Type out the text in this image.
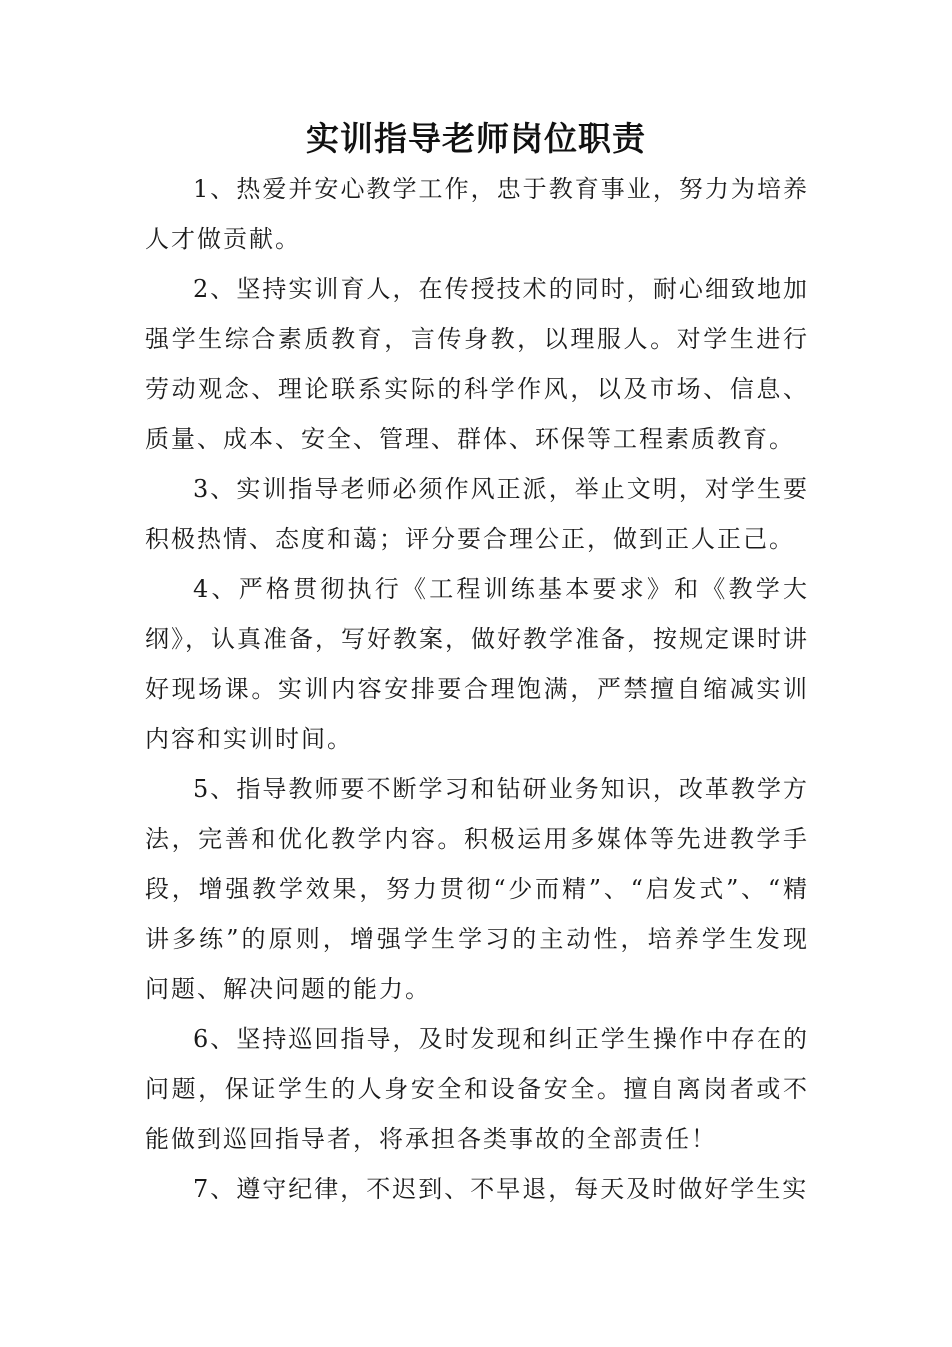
实训指导老师岗位职责

1、热爱并安心教学工作，忠于教育事业，努力为培养人才做贡献。

2、坚持实训育人，在传授技术的同时，耐心细致地加强学生综合素质教育，言传身教，以理服人。对学生进行劳动观念、理论联系实际的科学作风，以及市场、信息、质量、成本、安全、管理、群体、环保等工程素质教育。

3、实训指导老师必须作风正派，举止文明，对学生要积极热情、态度和蔼；评分要合理公正，做到正人正己。

4、严格贯彻执行《工程训练基本要求》和《教学大纲》，认真准备，写好教案，做好教学准备，按规定课时讲好现场课。实训内容安排要合理饱满，严禁擅自缩减实训内容和实训时间。

5、指导教师要不断学习和钻研业务知识，改革教学方法，完善和优化教学内容。积极运用多媒体等先进教学手段，增强教学效果，努力贯彻“少而精”、“启发式”、“精讲多练”的原则，增强学生学习的主动性，培养学生发现问题、解决问题的能力。

6、坚持巡回指导，及时发现和纠正学生操作中存在的问题，保证学生的人身安全和设备安全。擅自离岗者或不能做到巡回指导者，将承担各类事故的全部责任！

7、遵守纪律，不迟到、不早退，每天及时做好学生实
